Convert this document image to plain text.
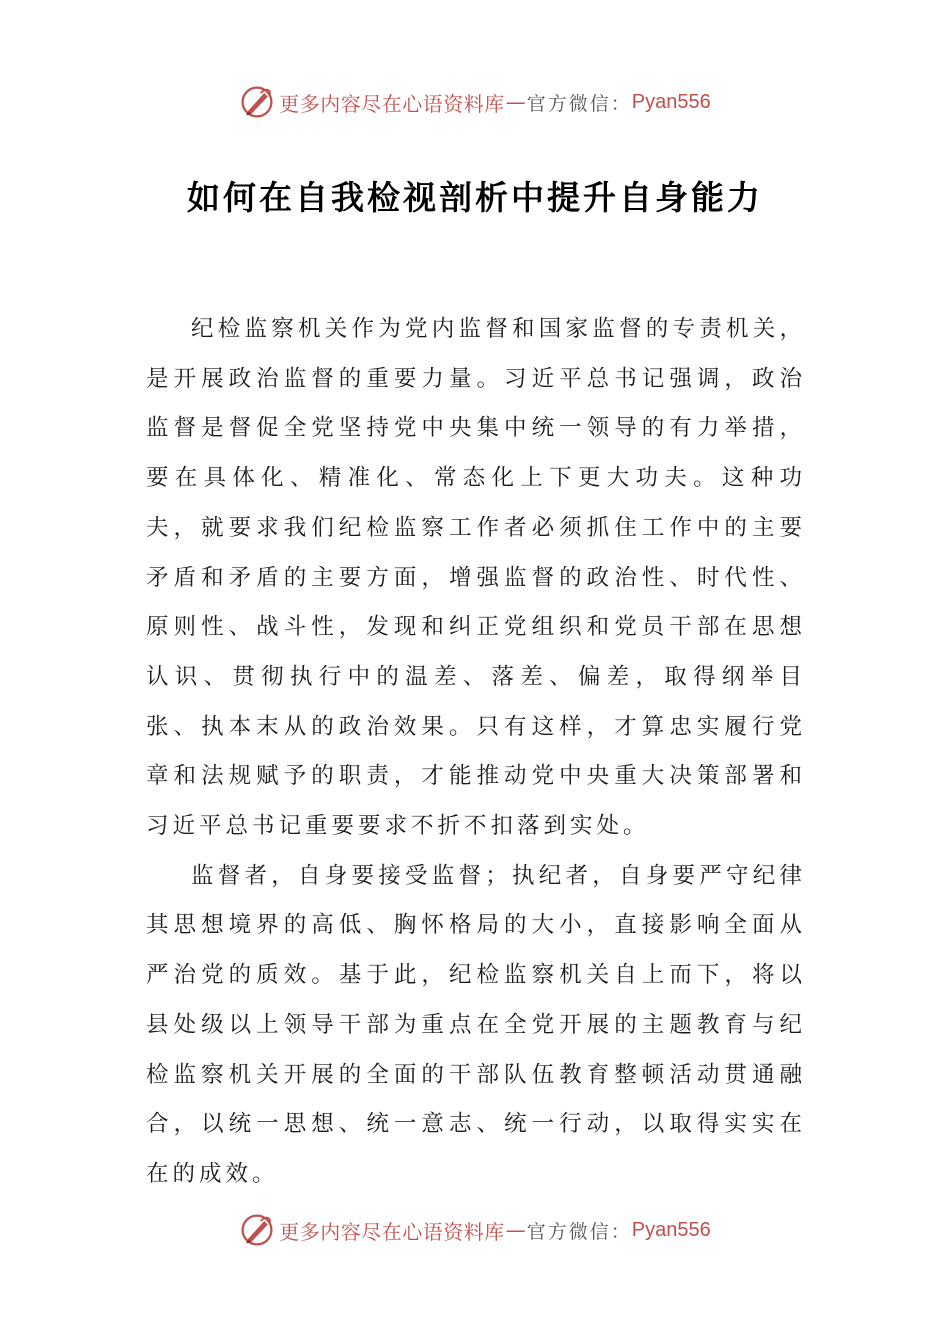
更多内容尽在心语资料库 — 官方微信： Pyan556
如何在自我检视剖析中提升自身能力

纪检监察机关作为党内监督和国家监督的专责机关，是开展政治监督的重要力量。习近平总书记强调，政治监督是督促全党坚持党中央集中统一领导的有力举措，要在具体化、精准化、常态化上下更大功夫。这种功夫，就要求我们纪检监察工作者必须抓住工作中的主要矛盾和矛盾的主要方面，增强监督的政治性、时代性、原则性、战斗性，发现和纠正党组织和党员干部在思想认识、贯彻执行中的温差、落差、偏差，取得纲举目张、执本末从的政治效果。只有这样，才算忠实履行党章和法规赋予的职责，才能推动党中央重大决策部署和习近平总书记重要要求不折不扣落到实处。

监督者，自身要接受监督；执纪者，自身要严守纪律其思想境界的高低、胸怀格局的大小，直接影响全面从严治党的质效。基于此，纪检监察机关自上而下，将以县处级以上领导干部为重点在全党开展的主题教育与纪检监察机关开展的全面的干部队伍教育整顿活动贯通融合，以统一思想、统一意志、统一行动，以取得实实在在的成效。

更多内容尽在心语资料库 — 官方微信： Pyan556
